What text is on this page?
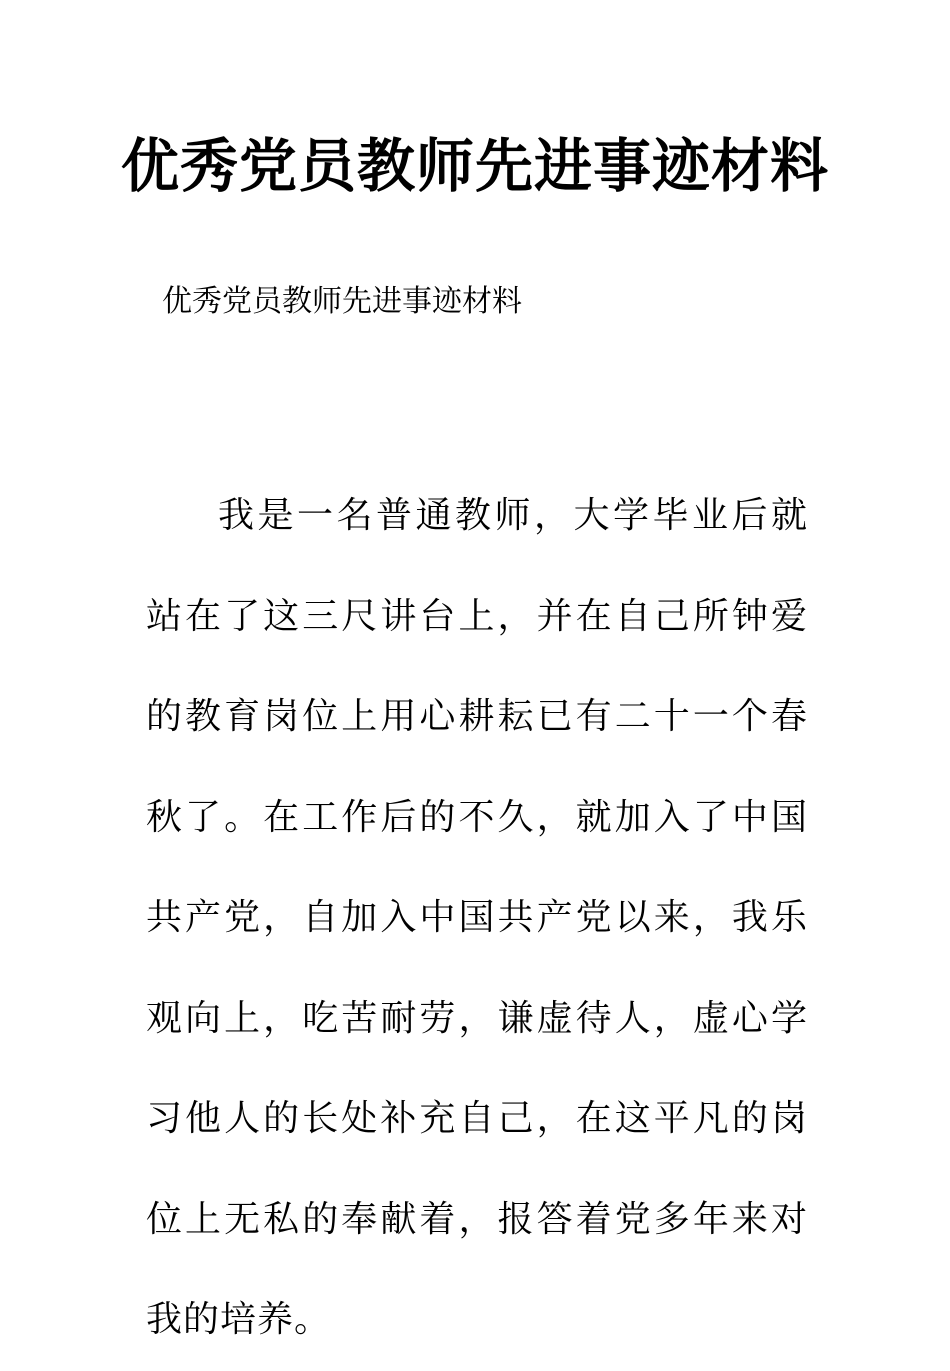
优秀党员教师先进事迹材料
优秀党员教师先进事迹材料

我是一名普通教师，大学毕业后就站在了这三尺讲台上，并在自己所钟爱的教育岗位上用心耕耘已有二十一个春秋了。在工作后的不久，就加入了中国共产党，自加入中国共产党以来，我乐观向上，吃苦耐劳，谦虚待人，虚心学习他人的长处补充自己，在这平凡的岗位上无私的奉献着，报答着党多年来对我的培养。
